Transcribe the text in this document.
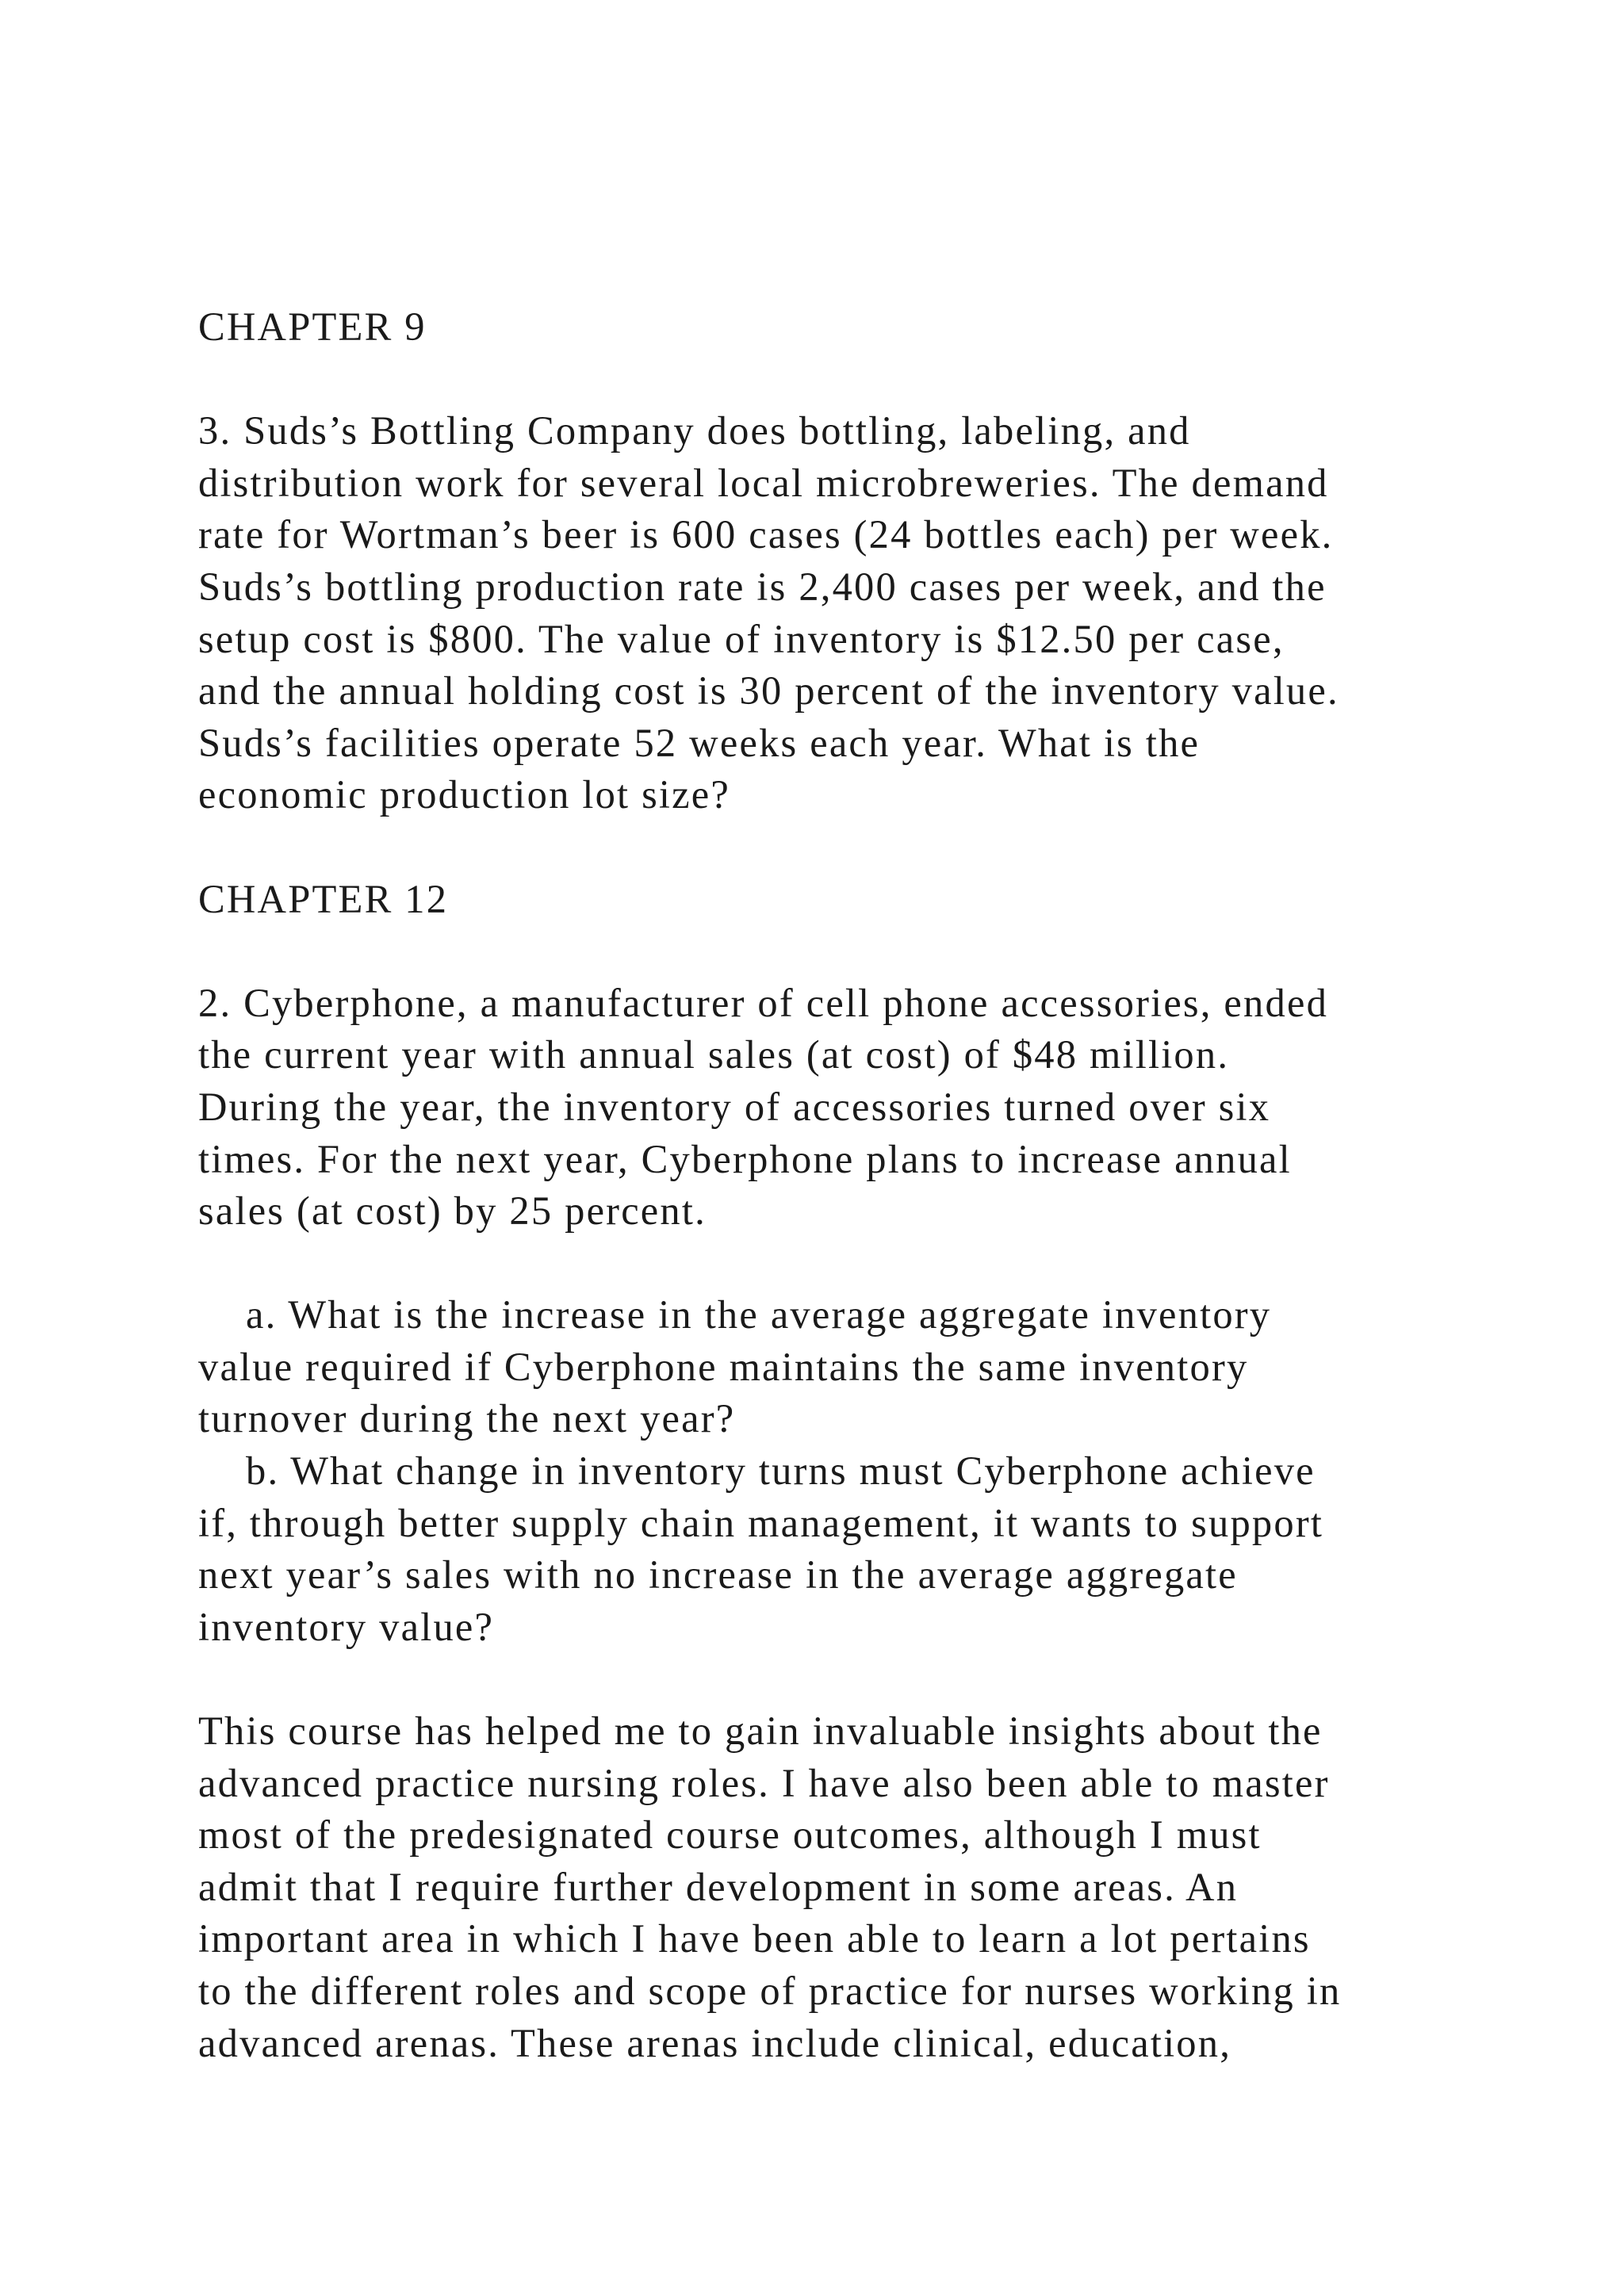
CHAPTER 9
3. Suds’s Bottling Company does bottling, labeling, and
distribution work for several local microbreweries. The demand
rate for Wortman’s beer is 600 cases (24 bottles each) per week.
Suds’s bottling production rate is 2,400 cases per week, and the
setup cost is $800. The value of inventory is $12.50 per case,
and the annual holding cost is 30 percent of the inventory value.
Suds’s facilities operate 52 weeks each year. What is the
economic production lot size?
CHAPTER 12
2. Cyberphone, a manufacturer of cell phone accessories, ended
the current year with annual sales (at cost) of $48 million.
During the year, the inventory of accessories turned over six
times. For the next year, Cyberphone plans to increase annual
sales (at cost) by 25 percent.
a. What is the increase in the average aggregate inventory
value required if Cyberphone maintains the same inventory
turnover during the next year?
b. What change in inventory turns must Cyberphone achieve
if, through better supply chain management, it wants to support
next year’s sales with no increase in the average aggregate
inventory value?
This course has helped me to gain invaluable insights about the
advanced practice nursing roles. I have also been able to master
most of the predesignated course outcomes, although I must
admit that I require further development in some areas. An
important area in which I have been able to learn a lot pertains
to the different roles and scope of practice for nurses working in
advanced arenas. These arenas include clinical, education,
